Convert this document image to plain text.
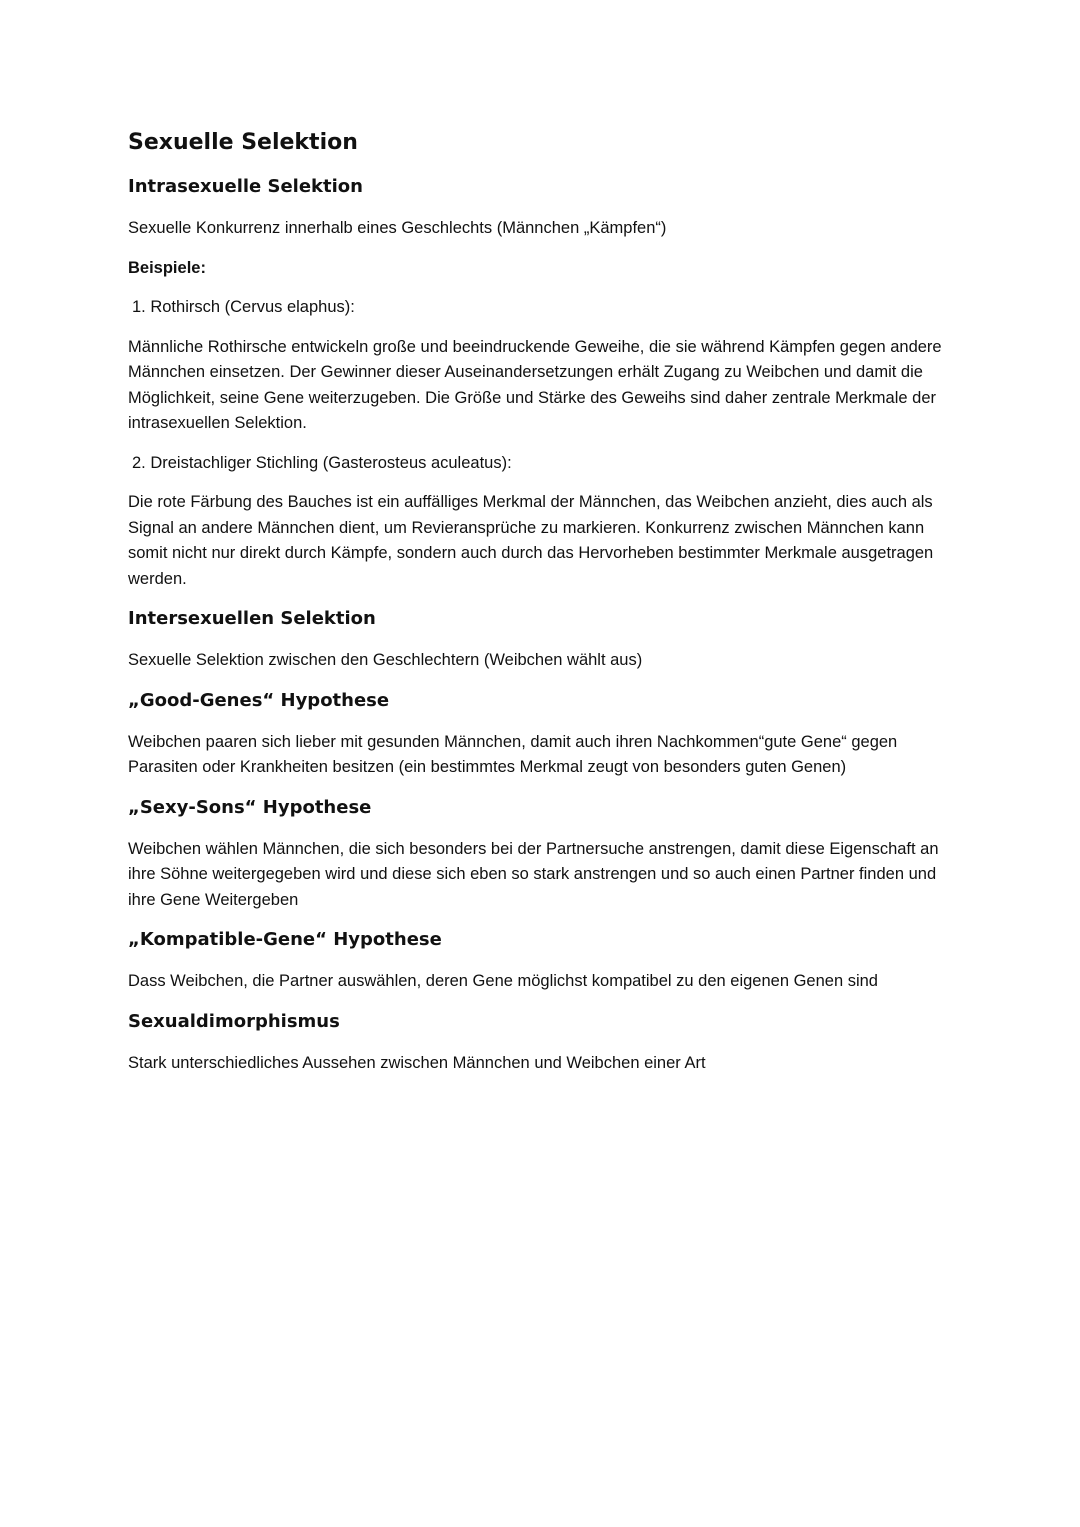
Sexuelle Selektion
Intrasexuelle Selektion

Sexuelle Konkurrenz innerhalb eines Geschlechts (Männchen „Kämpfen“)

Beispiele:

1. Rothirsch (Cervus elaphus):

Männliche Rothirsche entwickeln große und beeindruckende Geweihe, die sie während Kämpfen gegen andere Männchen einsetzen. Der Gewinner dieser Auseinandersetzungen erhält Zugang zu Weibchen und damit die Möglichkeit, seine Gene weiterzugeben. Die Größe und Stärke des Geweihs sind daher zentrale Merkmale der intrasexuellen Selektion.

2. Dreistachliger Stichling (Gasterosteus aculeatus):

Die rote Färbung des Bauches ist ein auffälliges Merkmal der Männchen, das Weibchen anzieht, dies auch als Signal an andere Männchen dient, um Revieransprüche zu markieren. Konkurrenz zwischen Männchen kann somit nicht nur direkt durch Kämpfe, sondern auch durch das Hervorheben bestimmter Merkmale ausgetragen werden.

Intersexuellen Selektion

Sexuelle Selektion zwischen den Geschlechtern (Weibchen wählt aus)

„Good-Genes“ Hypothese

Weibchen paaren sich lieber mit gesunden Männchen, damit auch ihren Nachkommen“gute Gene“ gegen Parasiten oder Krankheiten besitzen (ein bestimmtes Merkmal zeugt von besonders guten Genen)

„Sexy-Sons“ Hypothese

Weibchen wählen Männchen, die sich besonders bei der Partnersuche anstrengen, damit diese Eigenschaft an ihre Söhne weitergegeben wird und diese sich eben so stark anstrengen und so auch einen Partner finden und ihre Gene Weitergeben

„Kompatible-Gene“ Hypothese

Dass Weibchen, die Partner auswählen, deren Gene möglichst kompatibel zu den eigenen Genen sind

Sexualdimorphismus

Stark unterschiedliches Aussehen zwischen Männchen und Weibchen einer Art
